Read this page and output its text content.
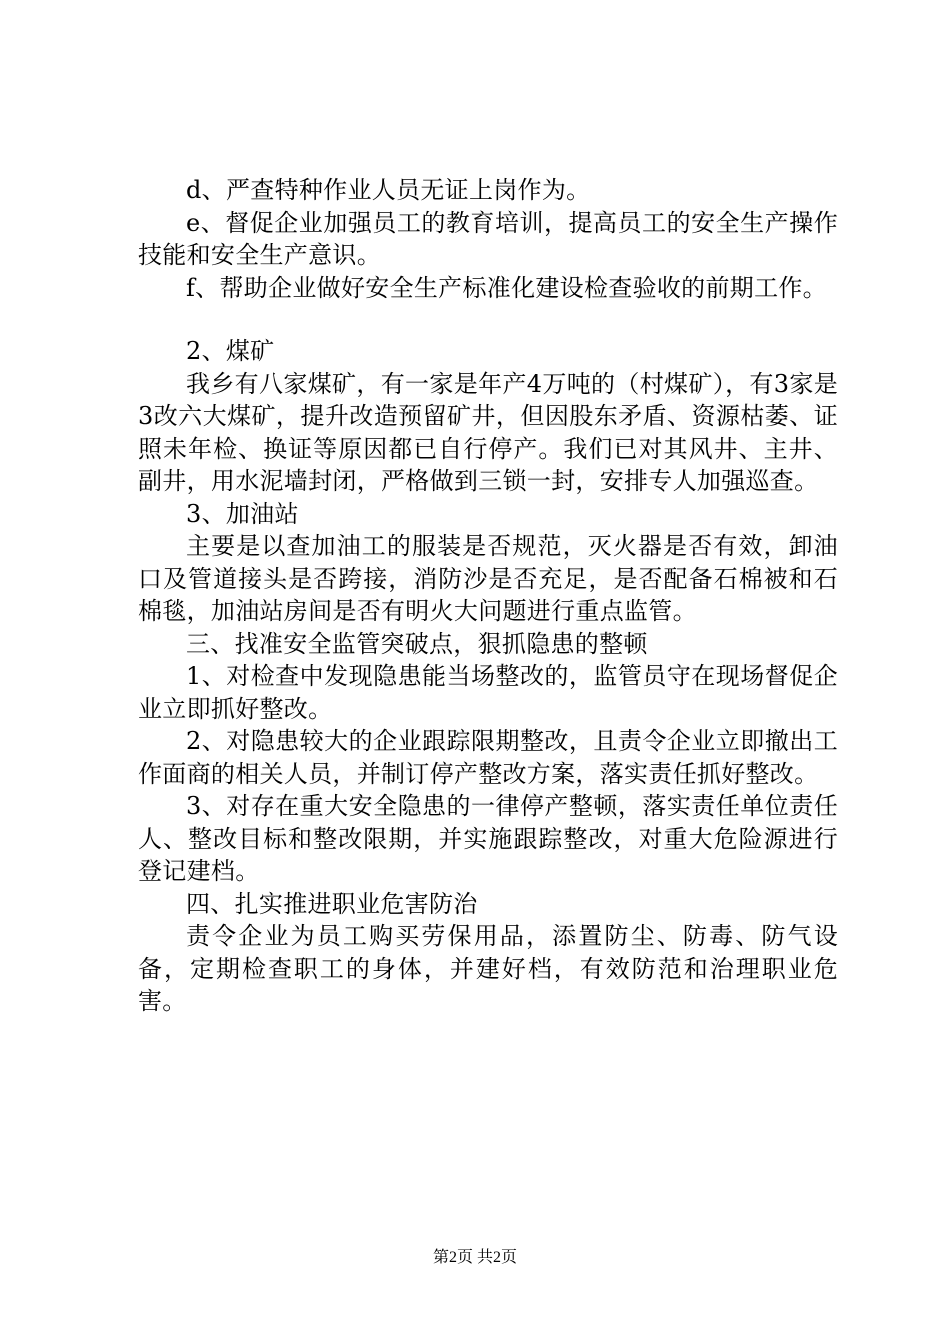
d、严查特种作业人员无证上岗作为。

e、督促企业加强员工的教育培训，提高员工的安全生产操作技能和安全生产意识。

f、帮助企业做好安全生产标准化建设检查验收的前期工作。

2、煤矿

我乡有八家煤矿，有一家是年产4万吨的（村煤矿），有3家是3改六大煤矿，提升改造预留矿井，但因股东矛盾、资源枯萎、证照未年检、换证等原因都已自行停产。我们已对其风井、主井、副井，用水泥墙封闭，严格做到三锁一封，安排专人加强巡查。

3、加油站

主要是以查加油工的服装是否规范，灭火器是否有效，卸油口及管道接头是否跨接，消防沙是否充足，是否配备石棉被和石棉毯，加油站房间是否有明火大问题进行重点监管。

三、找准安全监管突破点，狠抓隐患的整顿

1、对检查中发现隐患能当场整改的，监管员守在现场督促企业立即抓好整改。

2、对隐患较大的企业跟踪限期整改，且责令企业立即撤出工作面商的相关人员，并制订停产整改方案，落实责任抓好整改。

3、对存在重大安全隐患的一律停产整顿，落实责任单位责任人、整改目标和整改限期，并实施跟踪整改，对重大危险源进行登记建档。

四、扎实推进职业危害防治

责令企业为员工购买劳保用品，添置防尘、防毒、防气设备，定期检查职工的身体，并建好档，有效防范和治理职业危害。

第2页 共2页
